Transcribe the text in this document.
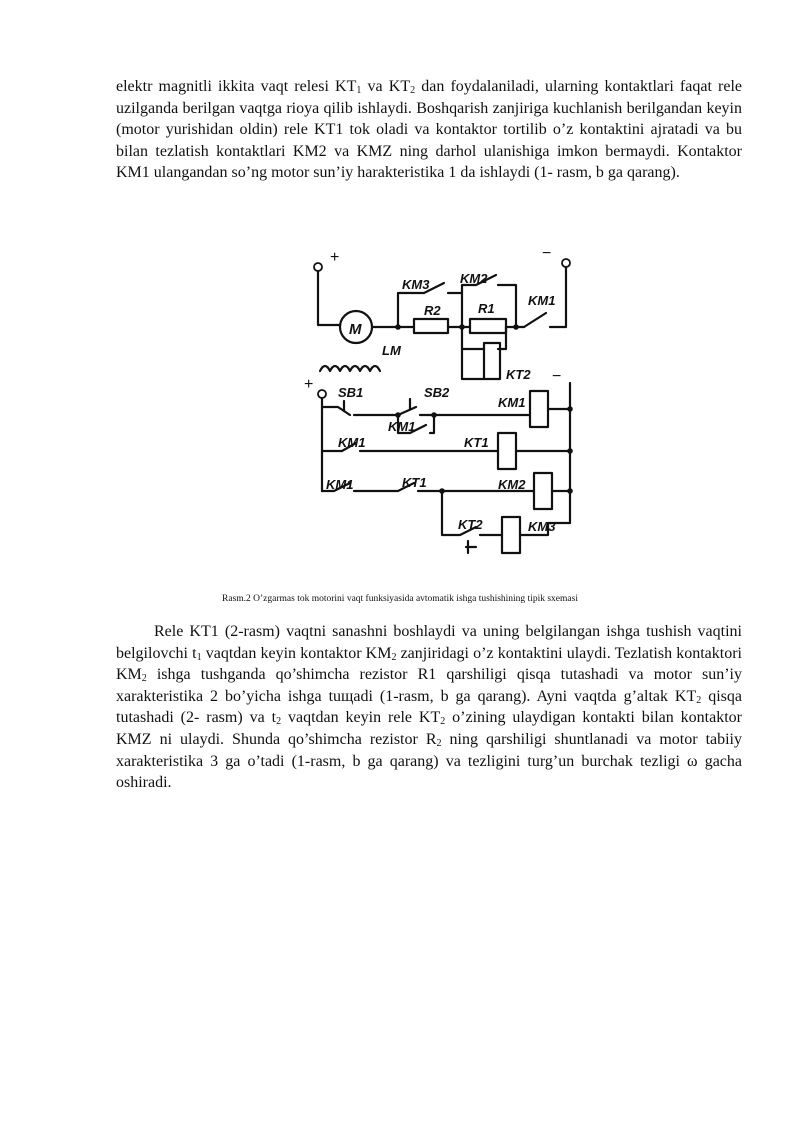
elektr magnitli ikkita vaqt relesi $KT_1$ va $KT_2$ dan foydalaniladi, ularning kontaktlari faqat rele uzilganda berilgan vaqtga rioya qilib ishlaydi. Boshqarish zanjiriga kuchlanish berilgandan keyin (motor yurishidan oldin) rele KT1 tok oladi va kontaktor tortilib o’z kontaktini ajratadi va bu bilan tezlatish kontaktlari KM2 va KMZ ning darhol ulanishiga imkon bermaydi. Kontaktor KM1 ulangandan so’ng motor sun’iy harakteristika 1 da ishlaydi (1- rasm, b ga qarang).

+	−
KM3 KM2
R2	R1
KM1
M
LM
KT2
+	−
SB1	SB2
KM1
KM1
KM1	KT1
KM1	KT1	KM2
KT2	KM3
Rasm.2 O’zgarmas tok motorini vaqt funksiyasida avtomatik ishga tushishining tipik sxemasi

Rele KT1 (2-rasm) vaqtni sanashni boshlaydi va uning belgilangan ishga tushish vaqtini belgilovchi $t_1$ vaqtdan keyin kontaktor $KM_2$ zanjiridagi o’z kontaktini ulaydi. Tezlatish kontaktori $KM_2$ ishga tushganda qo’shimcha rezistor R1 qarshiligi qisqa tutashadi va motor sun’iy xarakteristika 2 bo’yicha ishga tuщadi (1-rasm, b ga qarang). Ayni vaqtda g’altak $KT_2$ qisqa tutashadi (2- rasm) va $t_2$ vaqtdan keyin rele $KT_2$ o’zining ulaydigan kontakti bilan kontaktor KMZ ni ulaydi. Shunda qo’shimcha rezistor $R_2$ ning qarshiligi shuntlanadi va motor tabiiy xarakteristika 3 ga o’tadi (1-rasm, b ga qarang) va tezligini turg’un burchak tezligi ω gacha oshiradi.
